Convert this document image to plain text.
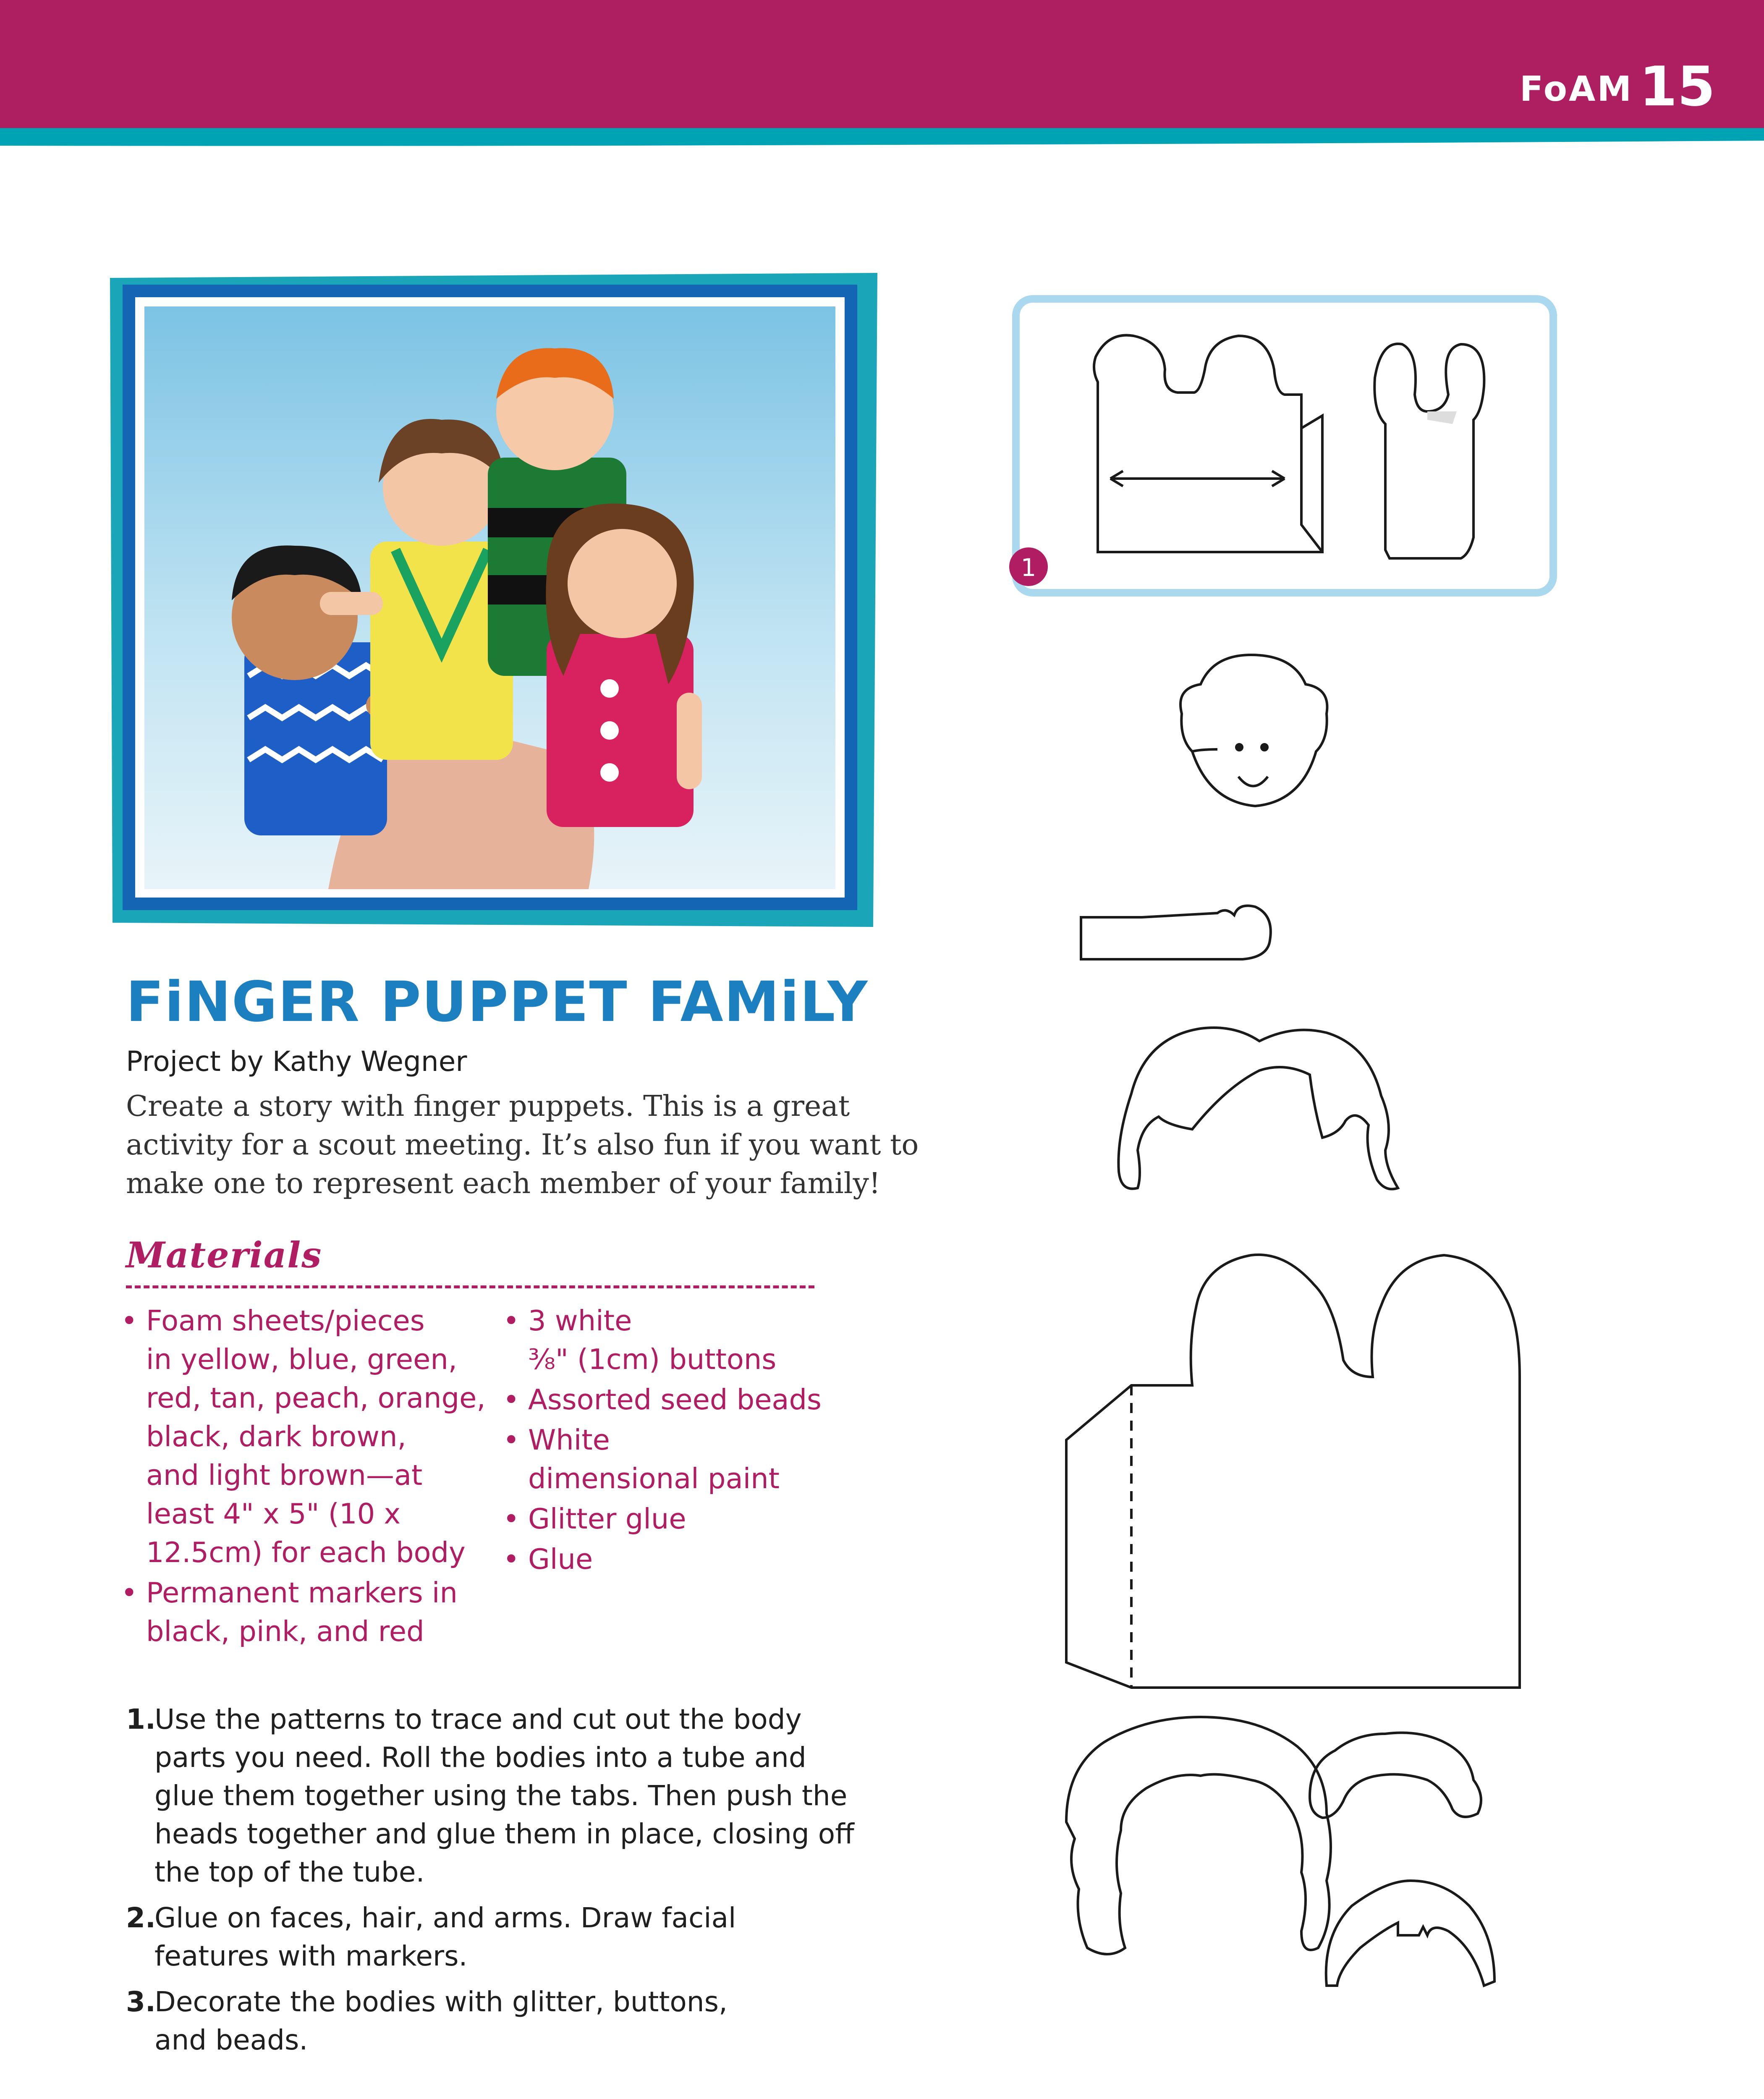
FoAM 15
FiNGER PUPPET FAMiLY
Project by Kathy Wegner

Create a story with finger puppets. This is a great

activity for a scout meeting. It’s also fun if you want to

make one to represent each member of your family!

Materials
• Foam sheets/pieces
in yellow, blue, green,
red, tan, peach, orange,
black, dark brown,
and light brown—at
least 4" x 5" (10 x
12.5cm) for each body
• Permanent markers in
black, pink, and red
• 3 white
⅜" (1cm) buttons
• Assorted seed beads
• White
dimensional paint
• Glitter glue
• Glue
1.
Use the patterns to trace and cut out the body
parts you need. Roll the bodies into a tube and
glue them together using the tabs. Then push the
heads together and glue them in place, closing off
the top of the tube.
2.
Glue on faces, hair, and arms. Draw facial
features with markers.
3.
Decorate the bodies with glitter, buttons,
and beads.
1
